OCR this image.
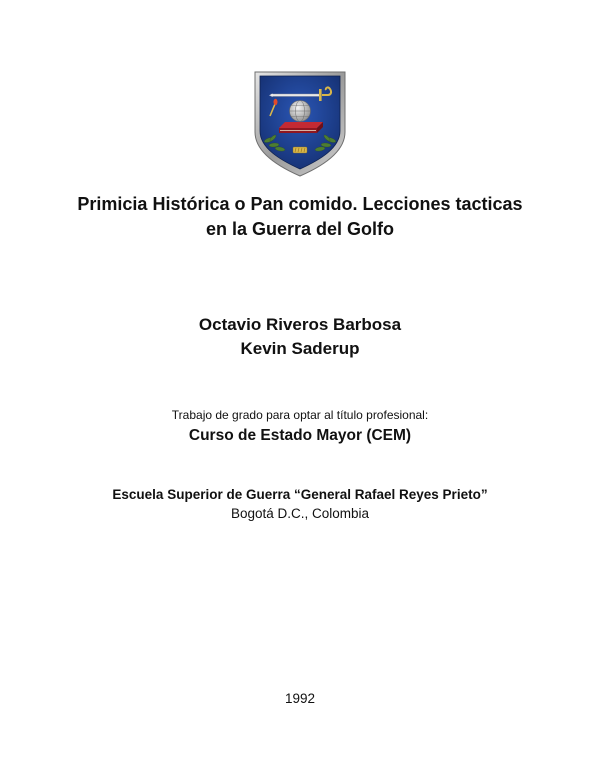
Primicia Histórica o Pan comido. Lecciones tacticas
en la Guerra del Golfo
Octavio Riveros Barbosa
Kevin Saderup
Trabajo de grado para optar al título profesional:
Curso de Estado Mayor (CEM)
Escuela Superior de Guerra “General Rafael Reyes Prieto”
Bogotá D.C., Colombia
1992
